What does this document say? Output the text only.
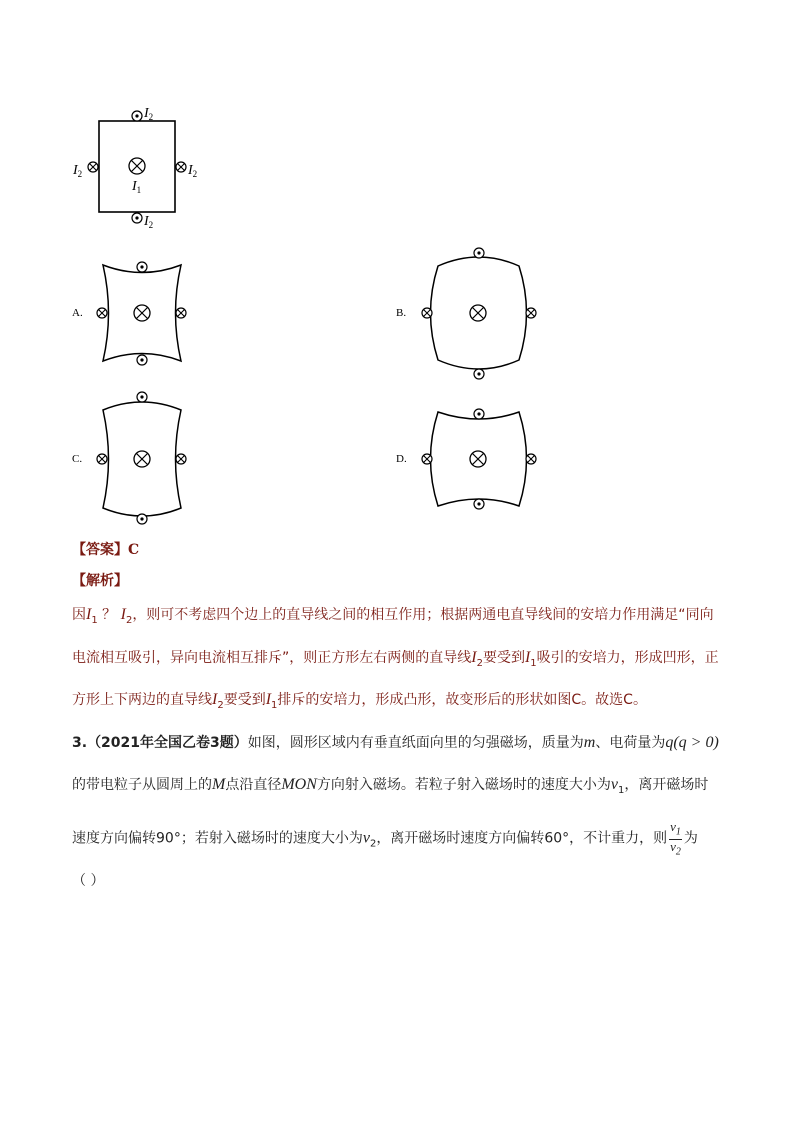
$I_2$
$I_2$
$I_2$	$I_2$
$I_1$
A.	B.
C.	D.
【答案】C
【解析】
因$I_1$ ？ $I_2$，则可不考虑四个边上的直导线之间的相互作用；根据两通电直导线间的安培力作用满足“同向
电流相互吸引，异向电流相互排斥”，则正方形左右两侧的直导线$I_2$要受到$I_1$吸引的安培力，形成凹形，正
方形上下两边的直导线$I_2$要受到$I_1$排斥的安培力，形成凸形，故变形后的形状如图C。故选C。
3.（2021年全国乙卷3题）如图，圆形区域内有垂直纸面向里的匀强磁场，质量为m、电荷量为q(q > 0)
的带电粒子从圆周上的M点沿直径MON方向射入磁场。若粒子射入磁场时的速度大小为$v_1$，离开磁场时
速度方向偏转90°；若射入磁场时的速度大小为$v_2$，离开磁场时速度方向偏转60°，不计重力，则 $\frac{v_1}{v_2}$ 为
（ ）
